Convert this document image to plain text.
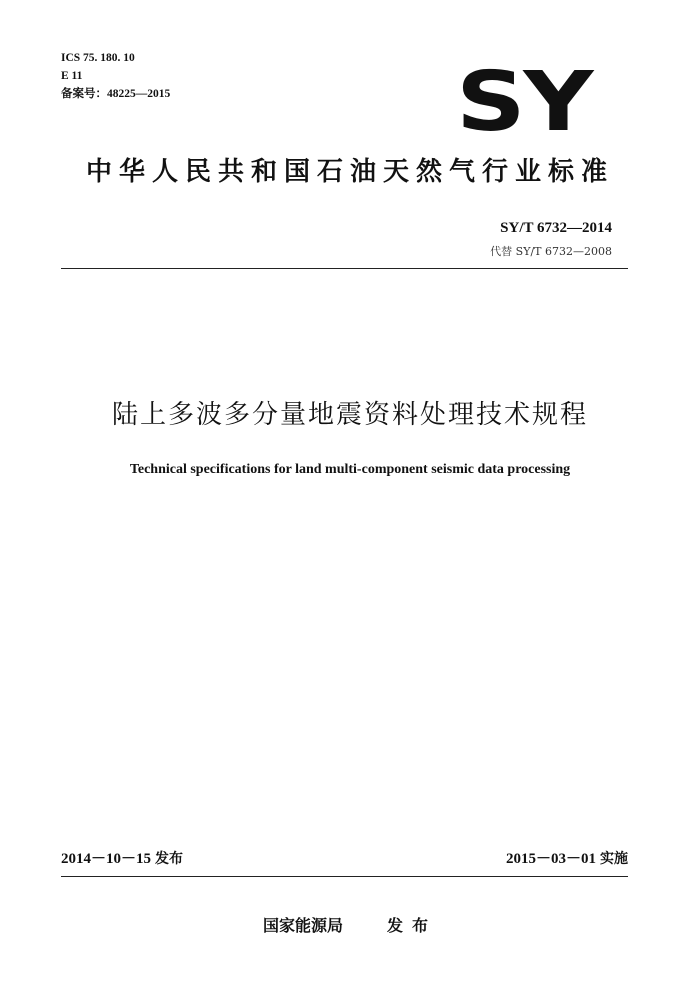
ICS 75. 180. 10
E 11
备案号：48225—2015	SY
中华人民共和国石油天然气行业标准
SY/T 6732—2014
代替 SY/T 6732—2008
陆上多波多分量地震资料处理技术规程
Technical specifications for land multi-component seismic data processing
2014－10－15 发布	2015－03－01 实施
国家能源局	发布
